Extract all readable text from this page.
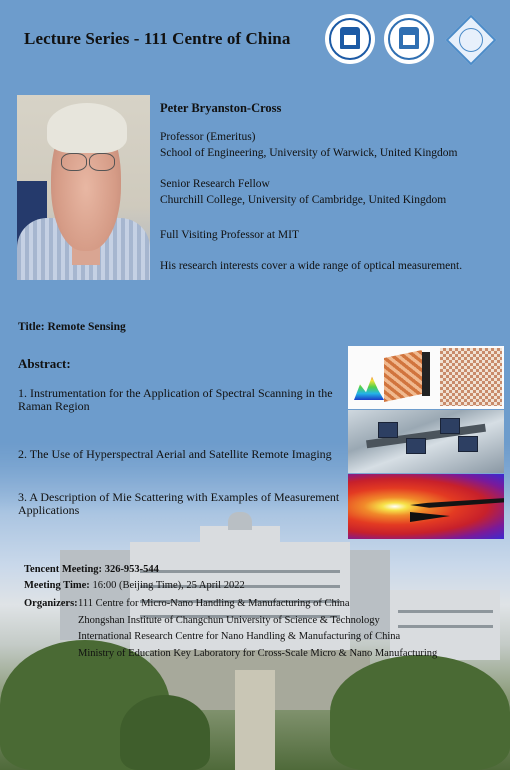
Lecture Series - 111 Centre of China
Peter Bryanston-Cross

Professor (Emeritus)
School of Engineering, University of Warwick, United Kingdom

Senior Research Fellow
Churchill College, University of Cambridge, United Kingdom

Full Visiting Professor at MIT

His research interests cover a wide range of optical measurement.

Title: Remote Sensing
Abstract:
1. Instrumentation for the Application of Spectral Scanning in the Raman Region
2. The Use of Hyperspectral Aerial and Satellite Remote Imaging
3. A Description of Mie Scattering with Examples of Measurement Applications
Tencent Meeting: 326-953-544
Meeting Time: 16:00 (Beijing Time), 25 April 2022
Organizers: 111 Centre for Micro-Nano Handling & Manufacturing of China
Zhongshan Institute of Changchun University of Science & Technology
International Research Centre for Nano Handling & Manufacturing of China
Ministry of Education Key Laboratory for Cross-Scale Micro & Nano Manufacturing
